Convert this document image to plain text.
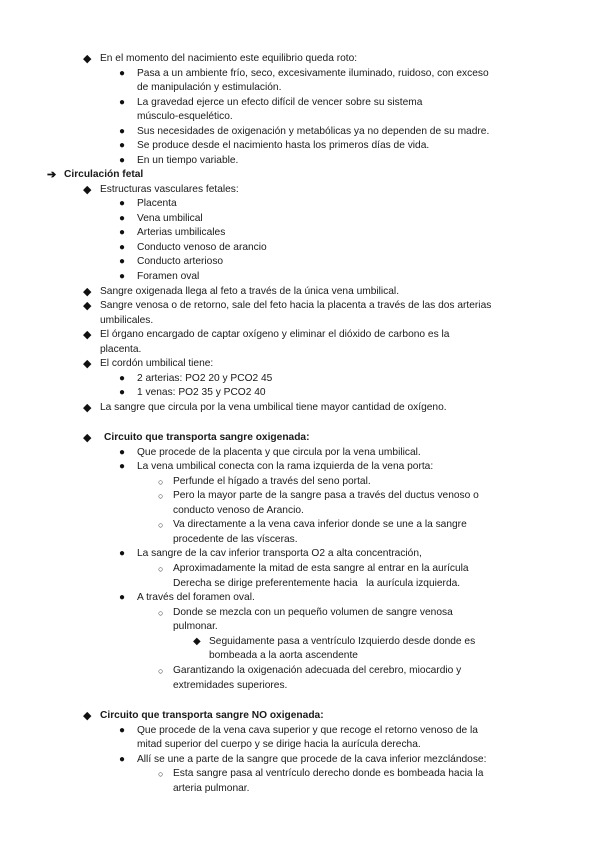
◆ En el momento del nacimiento este equilibrio queda roto:
● Pasa a un ambiente frío, seco, excesivamente iluminado, ruidoso, con exceso
de manipulación y estimulación.
● La gravedad ejerce un efecto difícil de vencer sobre su sistema
músculo-esquelético.
● Sus necesidades de oxigenación y metabólicas ya no dependen de su madre.
● Se produce desde el nacimiento hasta los primeros días de vida.
● En un tiempo variable.
➔ Circulación fetal
◆ Estructuras vasculares fetales:
● Placenta
● Vena umbilical
● Arterias umbilicales
● Conducto venoso de arancio
● Conducto arterioso
● Foramen oval
◆ Sangre oxigenada llega al feto a través de la única vena umbilical.
◆ Sangre venosa o de retorno, sale del feto hacia la placenta a través de las dos arterias
umbilicales.
◆ El órgano encargado de captar oxígeno y eliminar el dióxido de carbono es la
placenta.
◆ El cordón umbilical tiene:
● 2 arterias: PO2 20 y PCO2 45
● 1 venas: PO2 35 y PCO2 40
◆ La sangre que circula por la vena umbilical tiene mayor cantidad de oxígeno.
◆ Circuito que transporta sangre oxigenada:
● Que procede de la placenta y que circula por la vena umbilical.
● La vena umbilical conecta con la rama izquierda de la vena porta:
○ Perfunde el hígado a través del seno portal.
○ Pero la mayor parte de la sangre pasa a través del ductus venoso o
conducto venoso de Arancio.
○ Va directamente a la vena cava inferior donde se une a la sangre
procedente de las vísceras.
● La sangre de la cav inferior transporta O2 a alta concentración,
○ Aproximadamente la mitad de esta sangre al entrar en la aurícula
Derecha se dirige preferentemente hacia   la aurícula izquierda.
● A través del foramen oval.
○ Donde se mezcla con un pequeño volumen de sangre venosa
pulmonar.
◆ Seguidamente pasa a ventrículo Izquierdo desde donde es
bombeada a la aorta ascendente
○ Garantizando la oxigenación adecuada del cerebro, miocardio y
extremidades superiores.
◆ Circuito que transporta sangre NO oxigenada:
● Que procede de la vena cava superior y que recoge el retorno venoso de la
mitad superior del cuerpo y se dirige hacia la aurícula derecha.
● Allí se une a parte de la sangre que procede de la cava inferior mezclándose:
○ Esta sangre pasa al ventrículo derecho donde es bombeada hacia la
arteria pulmonar.
